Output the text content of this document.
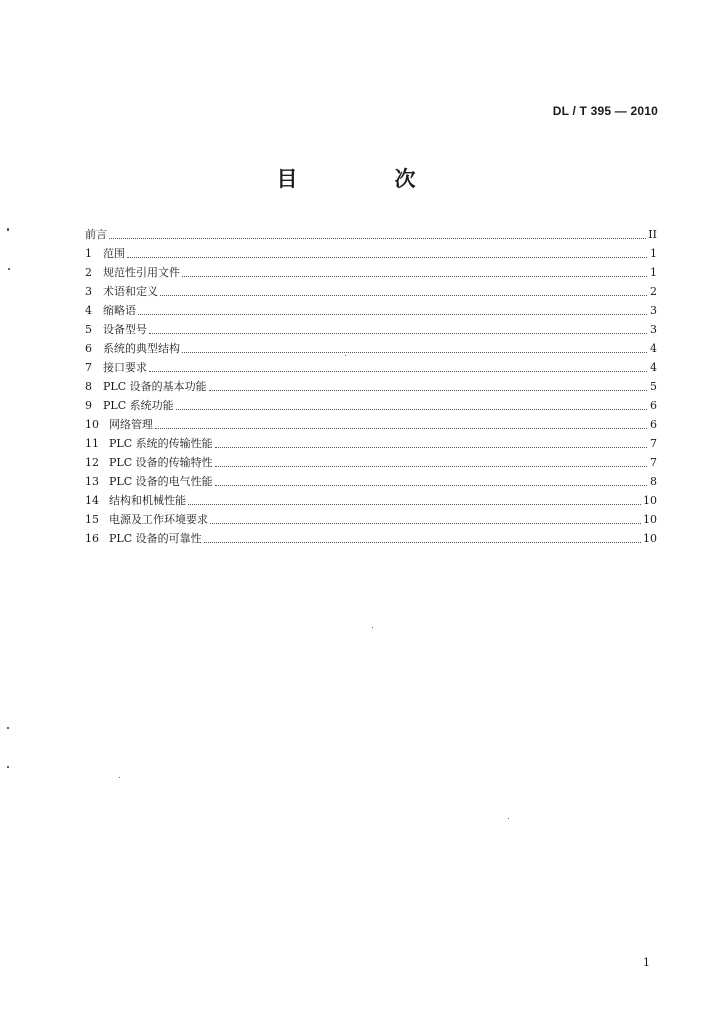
DL / T 395 — 2010
目　次
前言	II
1	范围	1
2	规范性引用文件	1
3	术语和定义	2
4	缩略语	3
5	设备型号	3
6	系统的典型结构	4
7	接口要求	4
8	PLC 设备的基本功能	5
9	PLC 系统功能	6
10 网络管理	6
11 PLC 系统的传输性能	7
12 PLC 设备的传输特性	7
13 PLC 设备的电气性能	8
14 结构和机械性能	10
15 电源及工作环境要求	10
16 PLC 设备的可靠性	10
1
